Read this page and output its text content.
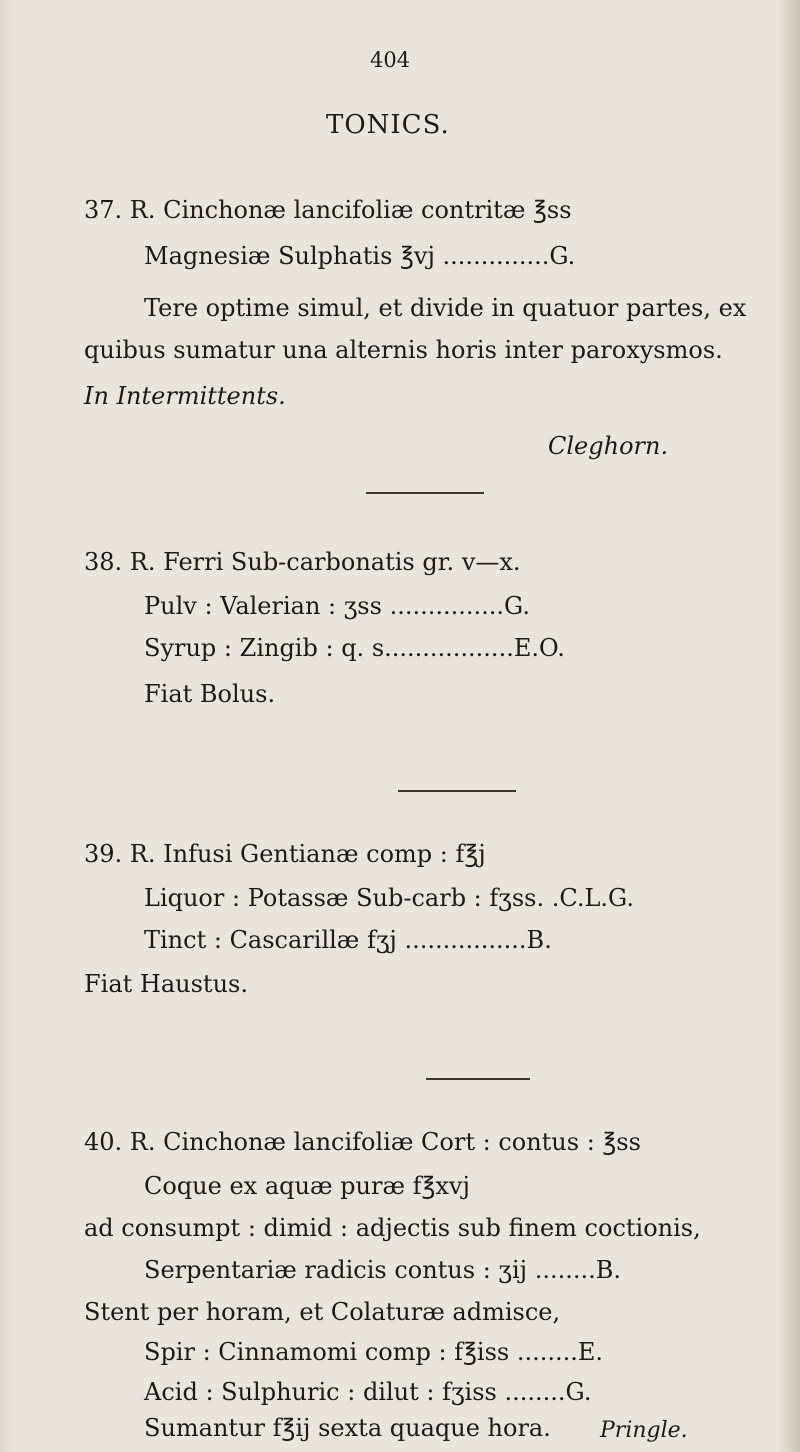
404
TONICS.
37. R. Cinchonæ lancifoliæ contritæ ℥ss
Magnesiæ Sulphatis ℥vj ..............G.
Tere optime simul, et divide in quatuor partes, ex
quibus sumatur una alternis horis inter paroxysmos.
In Intermittents.
Cleghorn.
38. R. Ferri Sub-carbonatis gr. v—x.
Pulv : Valerian : ʒss ...............G.
Syrup : Zingib : q. s.................E.O.
Fiat Bolus.
39. R. Infusi Gentianæ comp : f℥j
Liquor : Potassæ Sub-carb : fʒss. .C.L.G.
Tinct : Cascarillæ fʒj ................B.
Fiat Haustus.
40. R. Cinchonæ lancifoliæ Cort : contus : ℥ss
Coque ex aquæ puræ f℥xvj
ad consumpt : dimid : adjectis sub finem coctionis,
Serpentariæ radicis contus : ʒij ........B.
Stent per horam, et Colaturæ admisce,
Spir : Cinnamomi comp : f℥iss ........E.
Acid : Sulphuric : dilut : fʒiss ........G.
Sumantur f℥ij sexta quaque hora. Pringle.
